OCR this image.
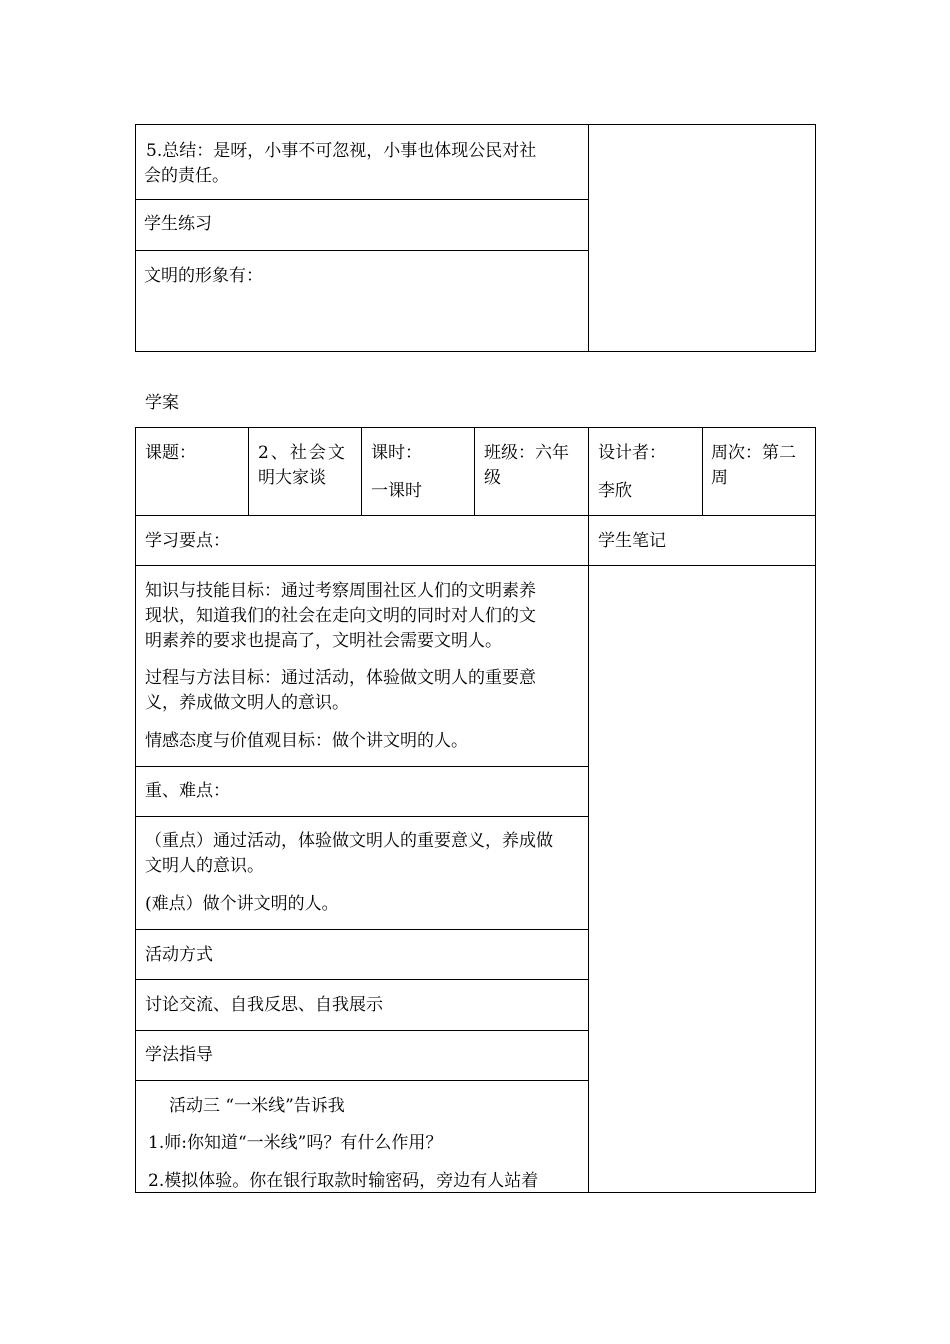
5.总结：是呀，小事不可忽视，小事也体现公民对社
会的责任。
学生练习
文明的形象有：
学案
课题：	2、社会文
明大家谈
课时：
一课时
班级：六年
级
设计者：
李欣
周次：第二
周
学习要点：	学生笔记
知识与技能目标：通过考察周围社区人们的文明素养
现状，知道我们的社会在走向文明的同时对人们的文
明素养的要求也提高了，文明社会需要文明人。
过程与方法目标：通过活动，体验做文明人的重要意
义，养成做文明人的意识。
情感态度与价值观目标：做个讲文明的人。
重、难点：
（重点）通过活动，体验做文明人的重要意义，养成做
文明人的意识。
(难点）做个讲文明的人。
活动方式
讨论交流、自我反思、自我展示
学法指导
活动三 “一米线”告诉我
1.师:你知道“一米线”吗？有什么作用？
2.模拟体验。你在银行取款时输密码，旁边有人站着
